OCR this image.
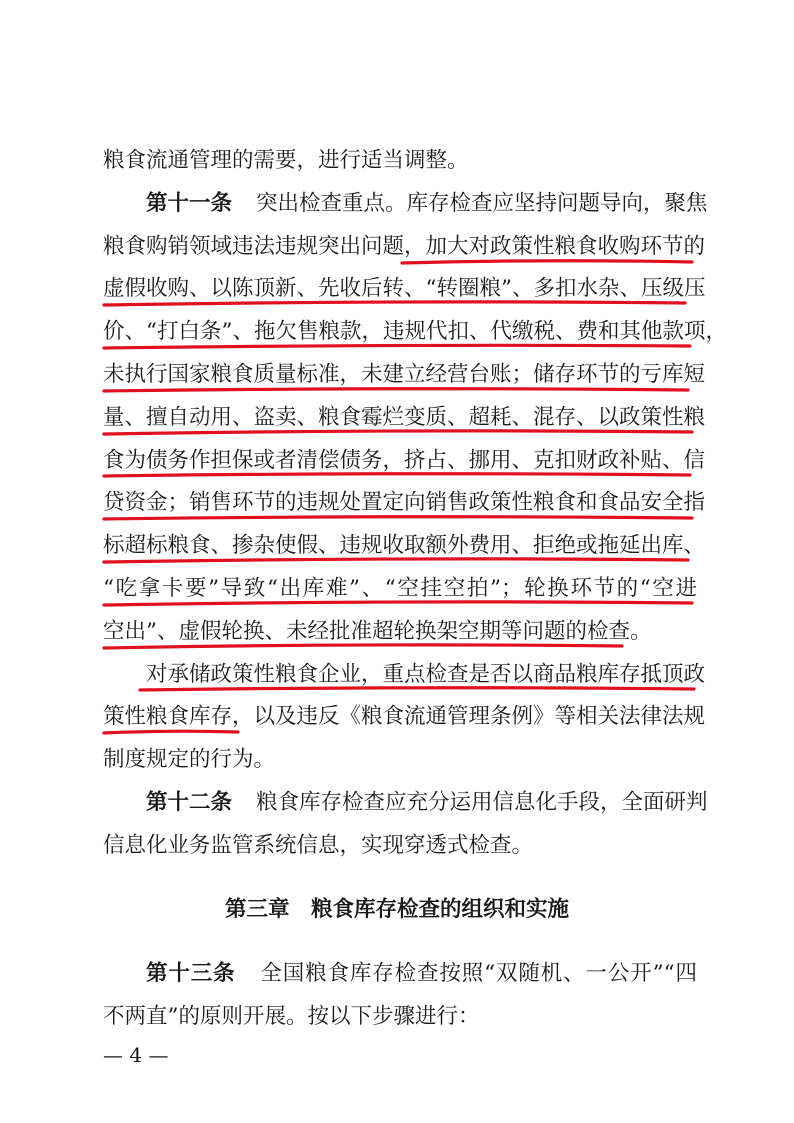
粮食流通管理的需要，进行适当调整。
第十一条 突出检查重点。库存检查应坚持问题导向，聚焦
粮食购销领域违法违规突出问题，加大对政策性粮食收购环节的
虚假收购、以陈顶新、先收后转、“转圈粮”、多扣水杂、压级压
价、“打白条”、拖欠售粮款，违规代扣、代缴税、费和其他款项，
未执行国家粮食质量标准，未建立经营台账；储存环节的亏库短
量、擅自动用、盗卖、粮食霉烂变质、超耗、混存、以政策性粮
食为债务作担保或者清偿债务，挤占、挪用、克扣财政补贴、信
贷资金；销售环节的违规处置定向销售政策性粮食和食品安全指
标超标粮食、掺杂使假、违规收取额外费用、拒绝或拖延出库、
“吃拿卡要”导致“出库难”、“空挂空拍”；轮换环节的“空进
空出”、虚假轮换、未经批准超轮换架空期等问题的检查。
对承储政策性粮食企业，重点检查是否以商品粮库存抵顶政
策性粮食库存，以及违反《粮食流通管理条例》等相关法律法规
制度规定的行为。
第十二条 粮食库存检查应充分运用信息化手段，全面研判
信息化业务监管系统信息，实现穿透式检查。
第三章　粮食库存检查的组织和实施
第十三条 全国粮食库存检查按照“双随机、一公开”“四
不两直”的原则开展。按以下步骤进行：
— 4 —
